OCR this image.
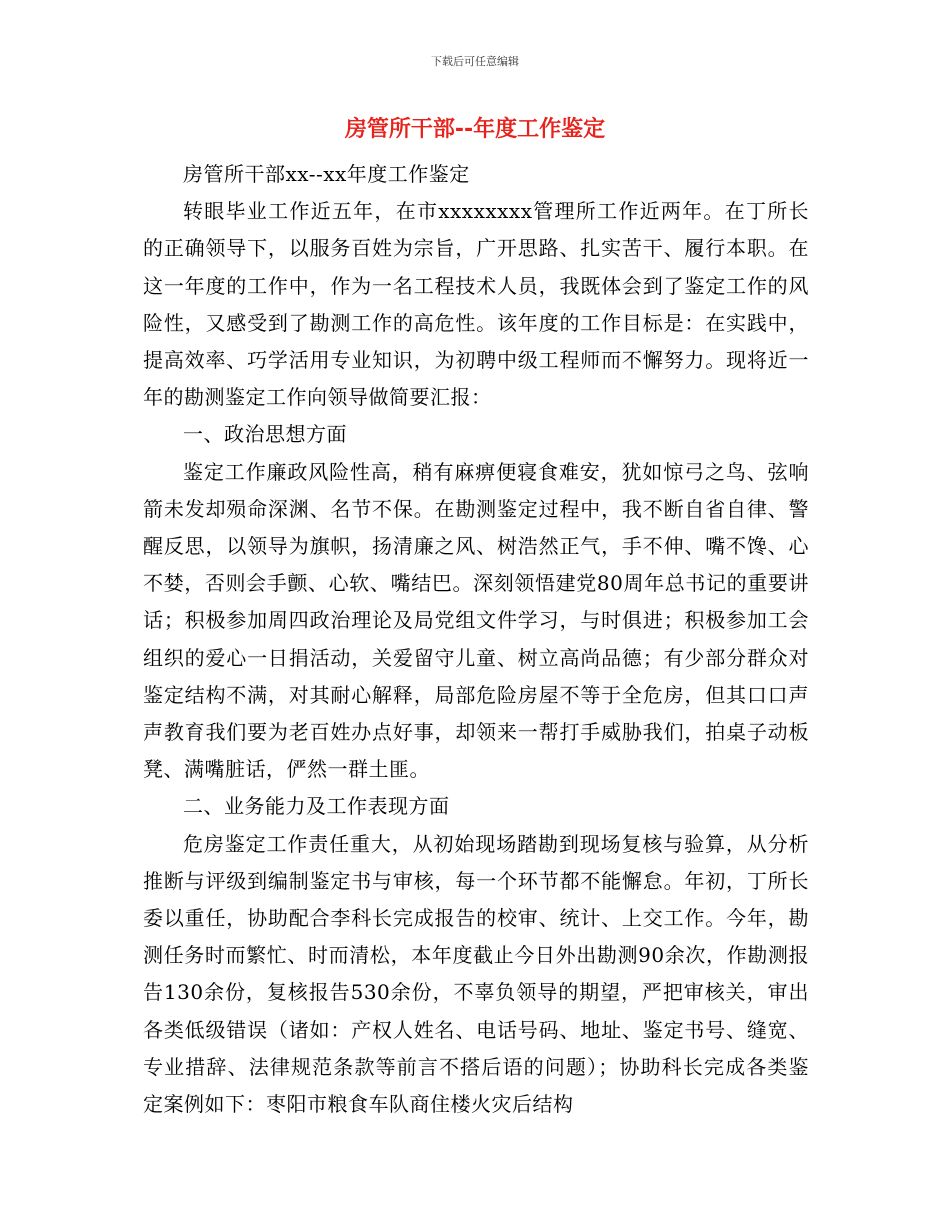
下载后可任意编辑
房管所干部--年度工作鉴定

房管所干部xx--xx年度工作鉴定

转眼毕业工作近五年，在市xxxxxxxx管理所工作近两年。在丁所长的正确领导下，以服务百姓为宗旨，广开思路、扎实苦干、履行本职。在这一年度的工作中，作为一名工程技术人员，我既体会到了鉴定工作的风险性，又感受到了勘测工作的高危性。该年度的工作目标是：在实践中，提高效率、巧学活用专业知识，为初聘中级工程师而不懈努力。现将近一年的勘测鉴定工作向领导做简要汇报：

一、政治思想方面

鉴定工作廉政风险性高，稍有麻痹便寝食难安，犹如惊弓之鸟、弦响箭未发却殒命深渊、名节不保。在勘测鉴定过程中，我不断自省自律、警醒反思，以领导为旗帜，扬清廉之风、树浩然正气，手不伸、嘴不馋、心不婪，否则会手颤、心软、嘴结巴。深刻领悟建党80周年总书记的重要讲话；积极参加周四政治理论及局党组文件学习，与时俱进；积极参加工会组织的爱心一日捐活动，关爱留守儿童、树立高尚品德；有少部分群众对鉴定结构不满，对其耐心解释，局部危险房屋不等于全危房，但其口口声声教育我们要为老百姓办点好事，却领来一帮打手威胁我们，拍桌子动板凳、满嘴脏话，俨然一群土匪。

二、业务能力及工作表现方面

危房鉴定工作责任重大，从初始现场踏勘到现场复核与验算，从分析推断与评级到编制鉴定书与审核，每一个环节都不能懈怠。年初，丁所长委以重任，协助配合李科长完成报告的校审、统计、上交工作。今年，勘测任务时而繁忙、时而清松，本年度截止今日外出勘测90余次，作勘测报告130余份，复核报告530余份，不辜负领导的期望，严把审核关，审出各类低级错误（诸如：产权人姓名、电话号码、地址、鉴定书号、缝宽、专业措辞、法律规范条款等前言不搭后语的问题）；协助科长完成各类鉴定案例如下：枣阳市粮食车队商住楼火灾后结构
